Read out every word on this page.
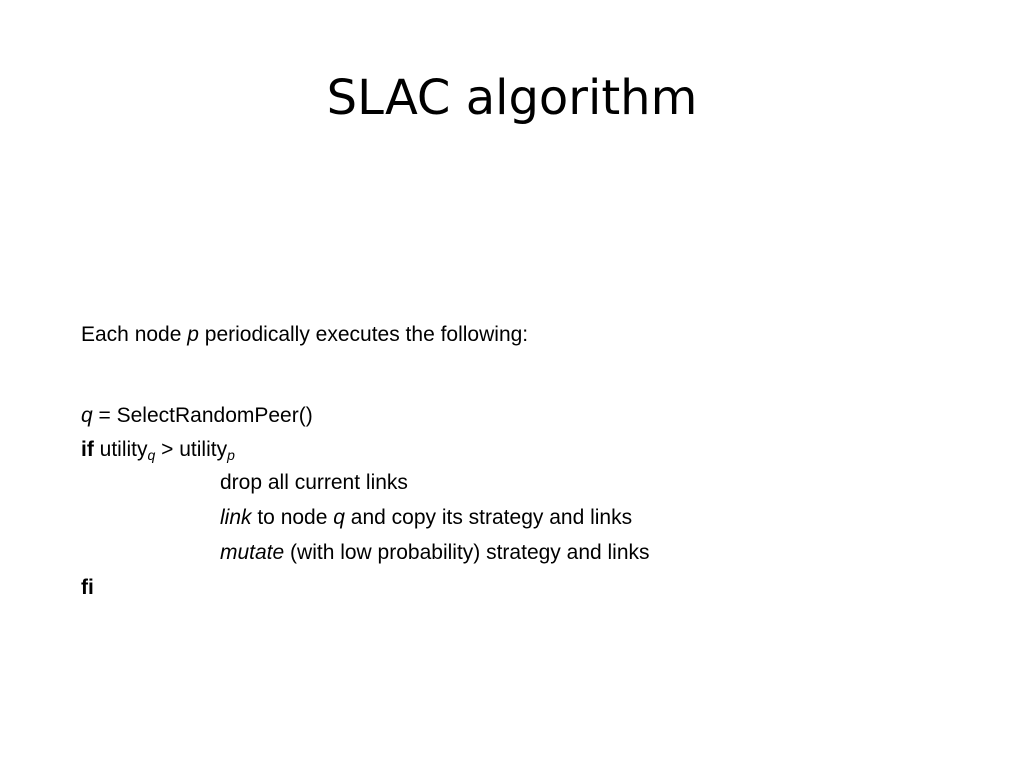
SLAC algorithm
Each node p periodically executes the following:
q = SelectRandomPeer()
if utility$_q$ > utility$_p$
drop all current links
link to node q and copy its strategy and links
mutate (with low probability) strategy and links
fi
